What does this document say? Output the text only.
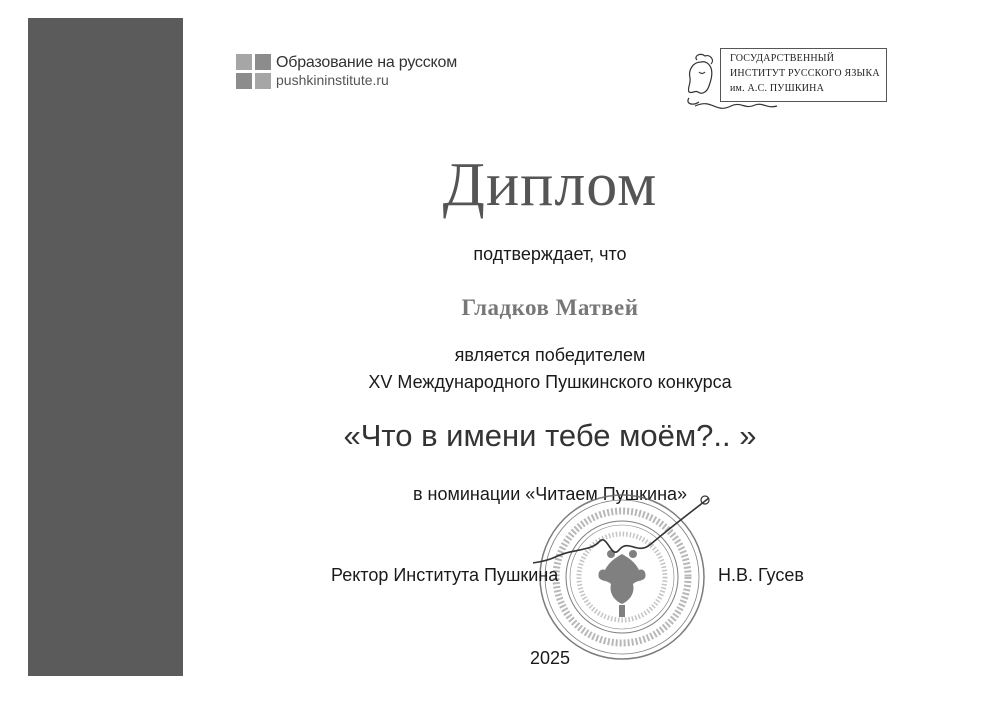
Образование на русском
pushkininstitute.ru
ГОСУДАРСТВЕННЫЙ
ИНСТИТУТ РУССКОГО ЯЗЫКА
им. А.С. ПУШКИНА
Диплом
подтверждает, что
Гладков Матвей
является победителем
XV Международного Пушкинского конкурса
«Что в имени тебе моём?.. »
в номинации «Читаем Пушкина»
Ректор Института Пушкина	Н.В. Гусев
2025
